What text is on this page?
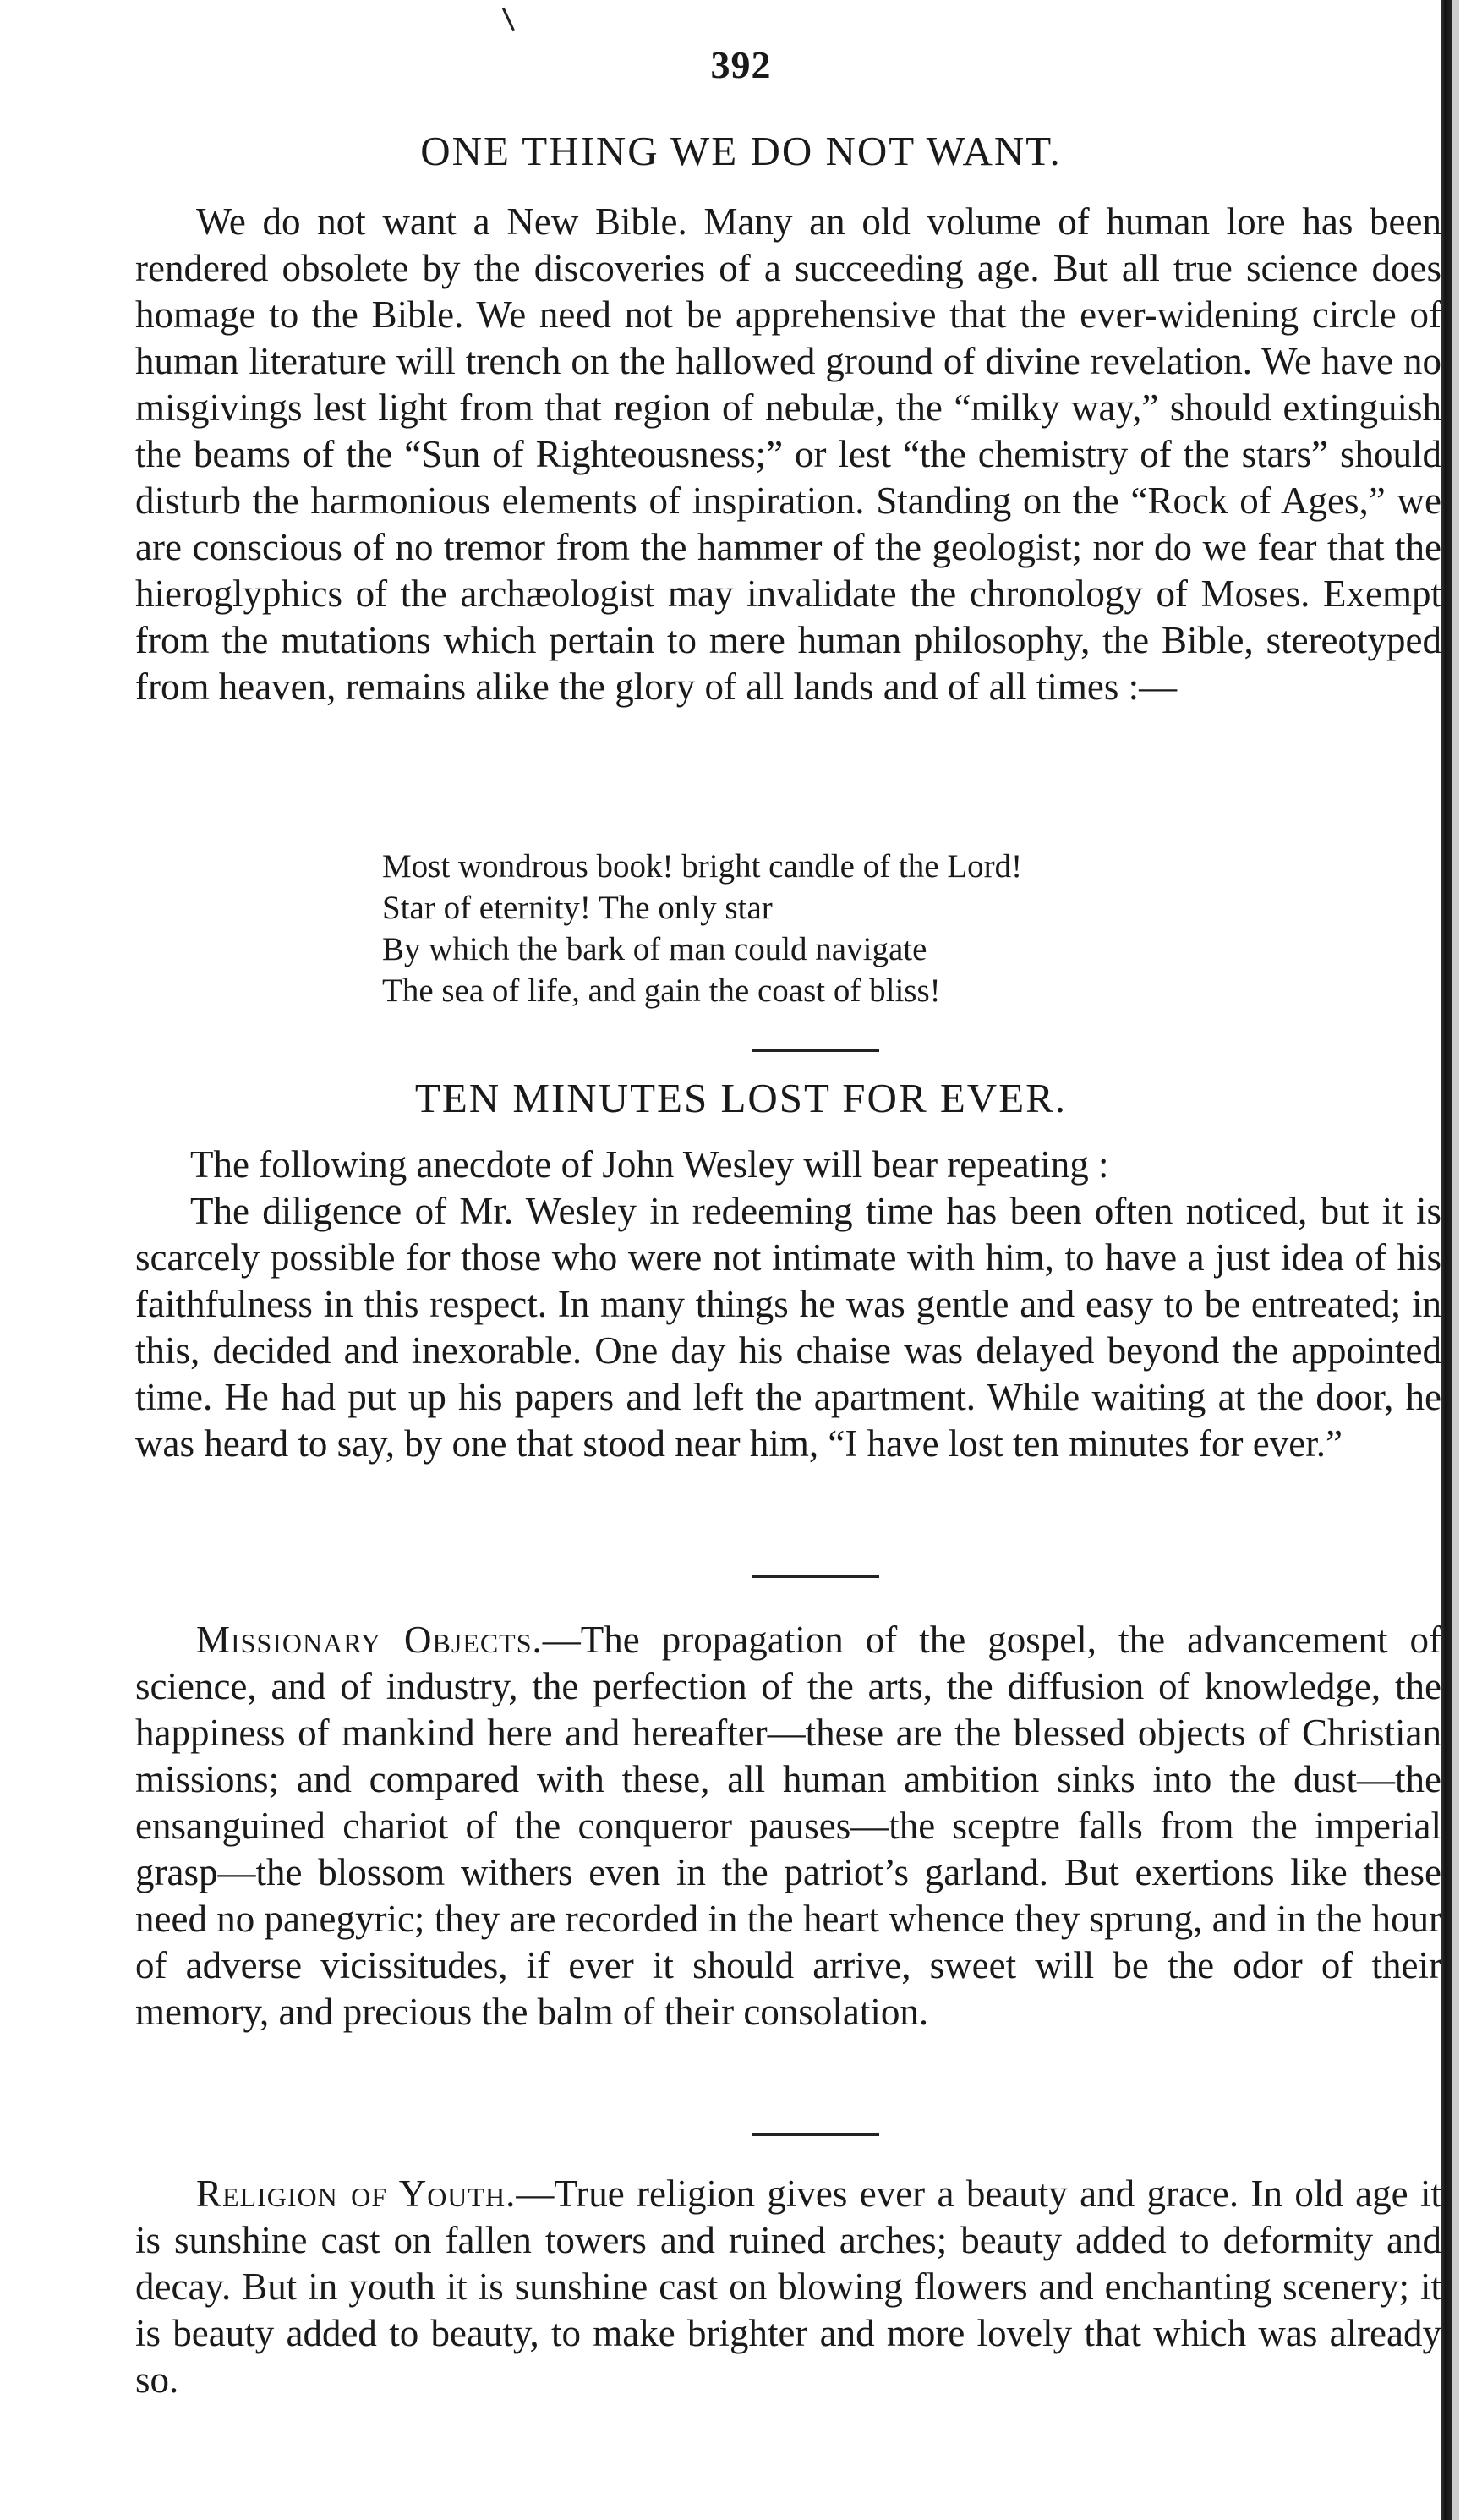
392
ONE THING WE DO NOT WANT.

We do not want a New Bible. Many an old volume of human lore has been rendered obsolete by the discoveries of a succeeding age. But all true science does homage to the Bible. We need not be apprehensive that the ever-widening circle of human literature will trench on the hallowed ground of divine revelation. We have no misgivings lest light from that region of nebulæ, the “milky way,” should extinguish the beams of the “Sun of Righteousness;” or lest “the chemistry of the stars” should disturb the harmonious elements of inspiration. Standing on the “Rock of Ages,” we are conscious of no tremor from the hammer of the geologist; nor do we fear that the hieroglyphics of the archæologist may invalidate the chronology of Moses. Exempt from the mutations which pertain to mere human philosophy, the Bible, stereotyped from heaven, remains alike the glory of all lands and of all times :—

Most wondrous book! bright candle of the Lord!
Star of eternity! The only star
By which the bark of man could navigate
The sea of life, and gain the coast of bliss!
TEN MINUTES LOST FOR EVER.

The following anecdote of John Wesley will bear repeating :

The diligence of Mr. Wesley in redeeming time has been often noticed, but it is scarcely possible for those who were not intimate with him, to have a just idea of his faithfulness in this respect. In many things he was gentle and easy to be entreated; in this, decided and inexorable. One day his chaise was delayed beyond the appointed time. He had put up his papers and left the apartment. While waiting at the door, he was heard to say, by one that stood near him, “I have lost ten minutes for ever.”

Missionary Objects.—The propagation of the gospel, the advancement of science, and of industry, the perfection of the arts, the diffusion of knowledge, the happiness of mankind here and hereafter—these are the blessed objects of Christian missions; and compared with these, all human ambition sinks into the dust—the ensanguined chariot of the conqueror pauses—the sceptre falls from the imperial grasp—the blossom withers even in the patriot’s garland. But exertions like these need no panegyric; they are recorded in the heart whence they sprung, and in the hour of adverse vicissitudes, if ever it should arrive, sweet will be the odor of their memory, and precious the balm of their consolation.

Religion of Youth.—True religion gives ever a beauty and grace. In old age it is sunshine cast on fallen towers and ruined arches; beauty added to deformity and decay. But in youth it is sunshine cast on blowing flowers and enchanting scenery; it is beauty added to beauty, to make brighter and more lovely that which was already so.
